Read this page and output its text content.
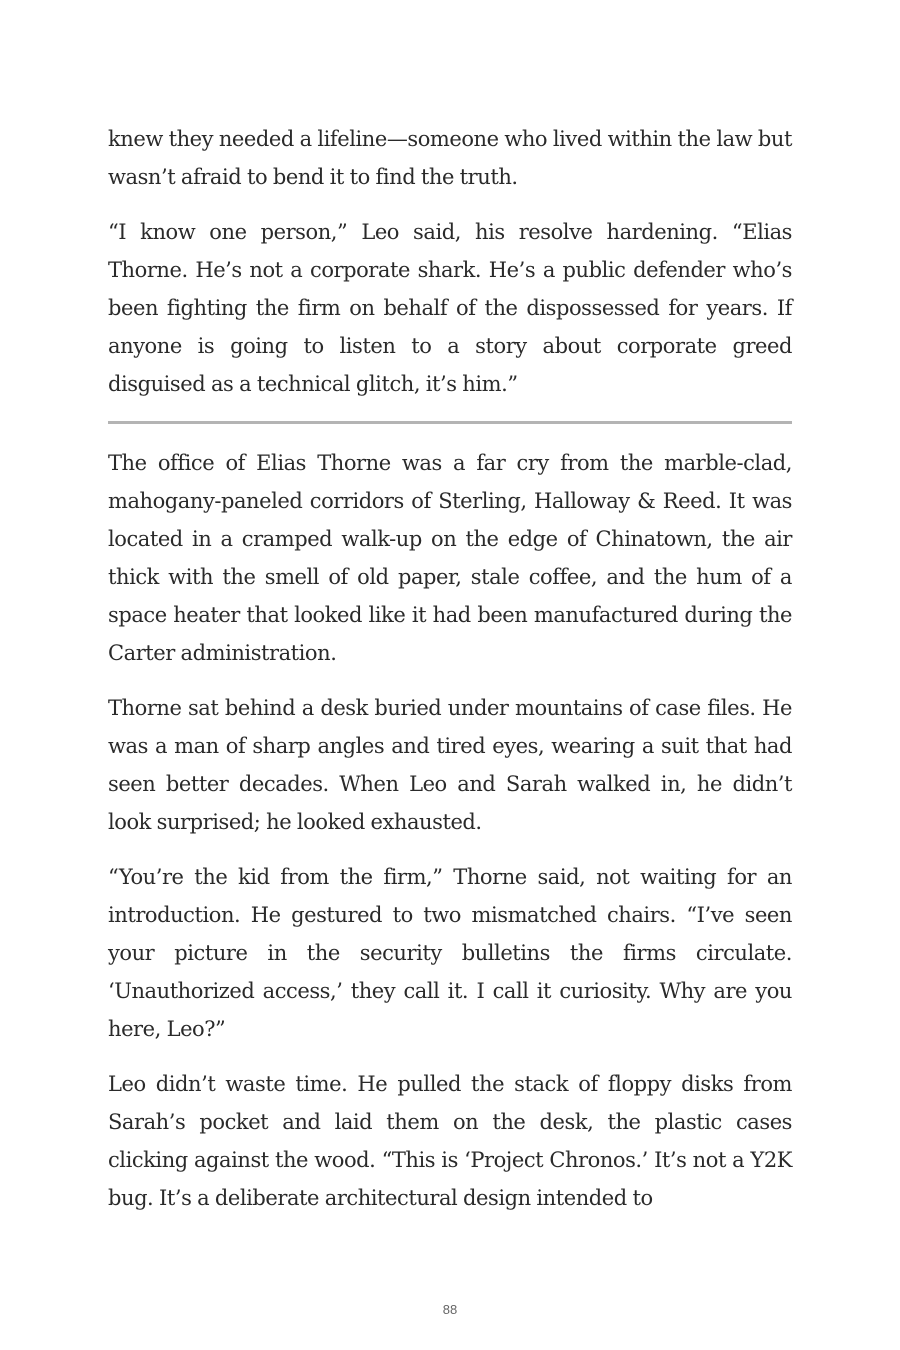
knew they needed a lifeline—someone who lived within the law but wasn’t afraid to bend it to find the truth.

“I know one person,” Leo said, his resolve hardening. “Elias Thorne. He’s not a corporate shark. He’s a public defender who’s been fighting the firm on behalf of the dispossessed for years. If anyone is going to listen to a story about corporate greed disguised as a technical glitch, it’s him.”

The office of Elias Thorne was a far cry from the marble-clad, mahogany-paneled corridors of Sterling, Halloway & Reed. It was located in a cramped walk-up on the edge of Chinatown, the air thick with the smell of old paper, stale coffee, and the hum of a space heater that looked like it had been manufactured during the Carter administration.

Thorne sat behind a desk buried under mountains of case files. He was a man of sharp angles and tired eyes, wearing a suit that had seen better decades. When Leo and Sarah walked in, he didn’t look surprised; he looked exhausted.

“You’re the kid from the firm,” Thorne said, not waiting for an introduction. He gestured to two mismatched chairs. “I’ve seen your picture in the security bulletins the firms circulate. ‘Unauthorized access,’ they call it. I call it curiosity. Why are you here, Leo?”

Leo didn’t waste time. He pulled the stack of floppy disks from Sarah’s pocket and laid them on the desk, the plastic cases clicking against the wood. “This is ‘Project Chronos.’ It’s not a Y2K bug. It’s a deliberate architectural design intended to

88
